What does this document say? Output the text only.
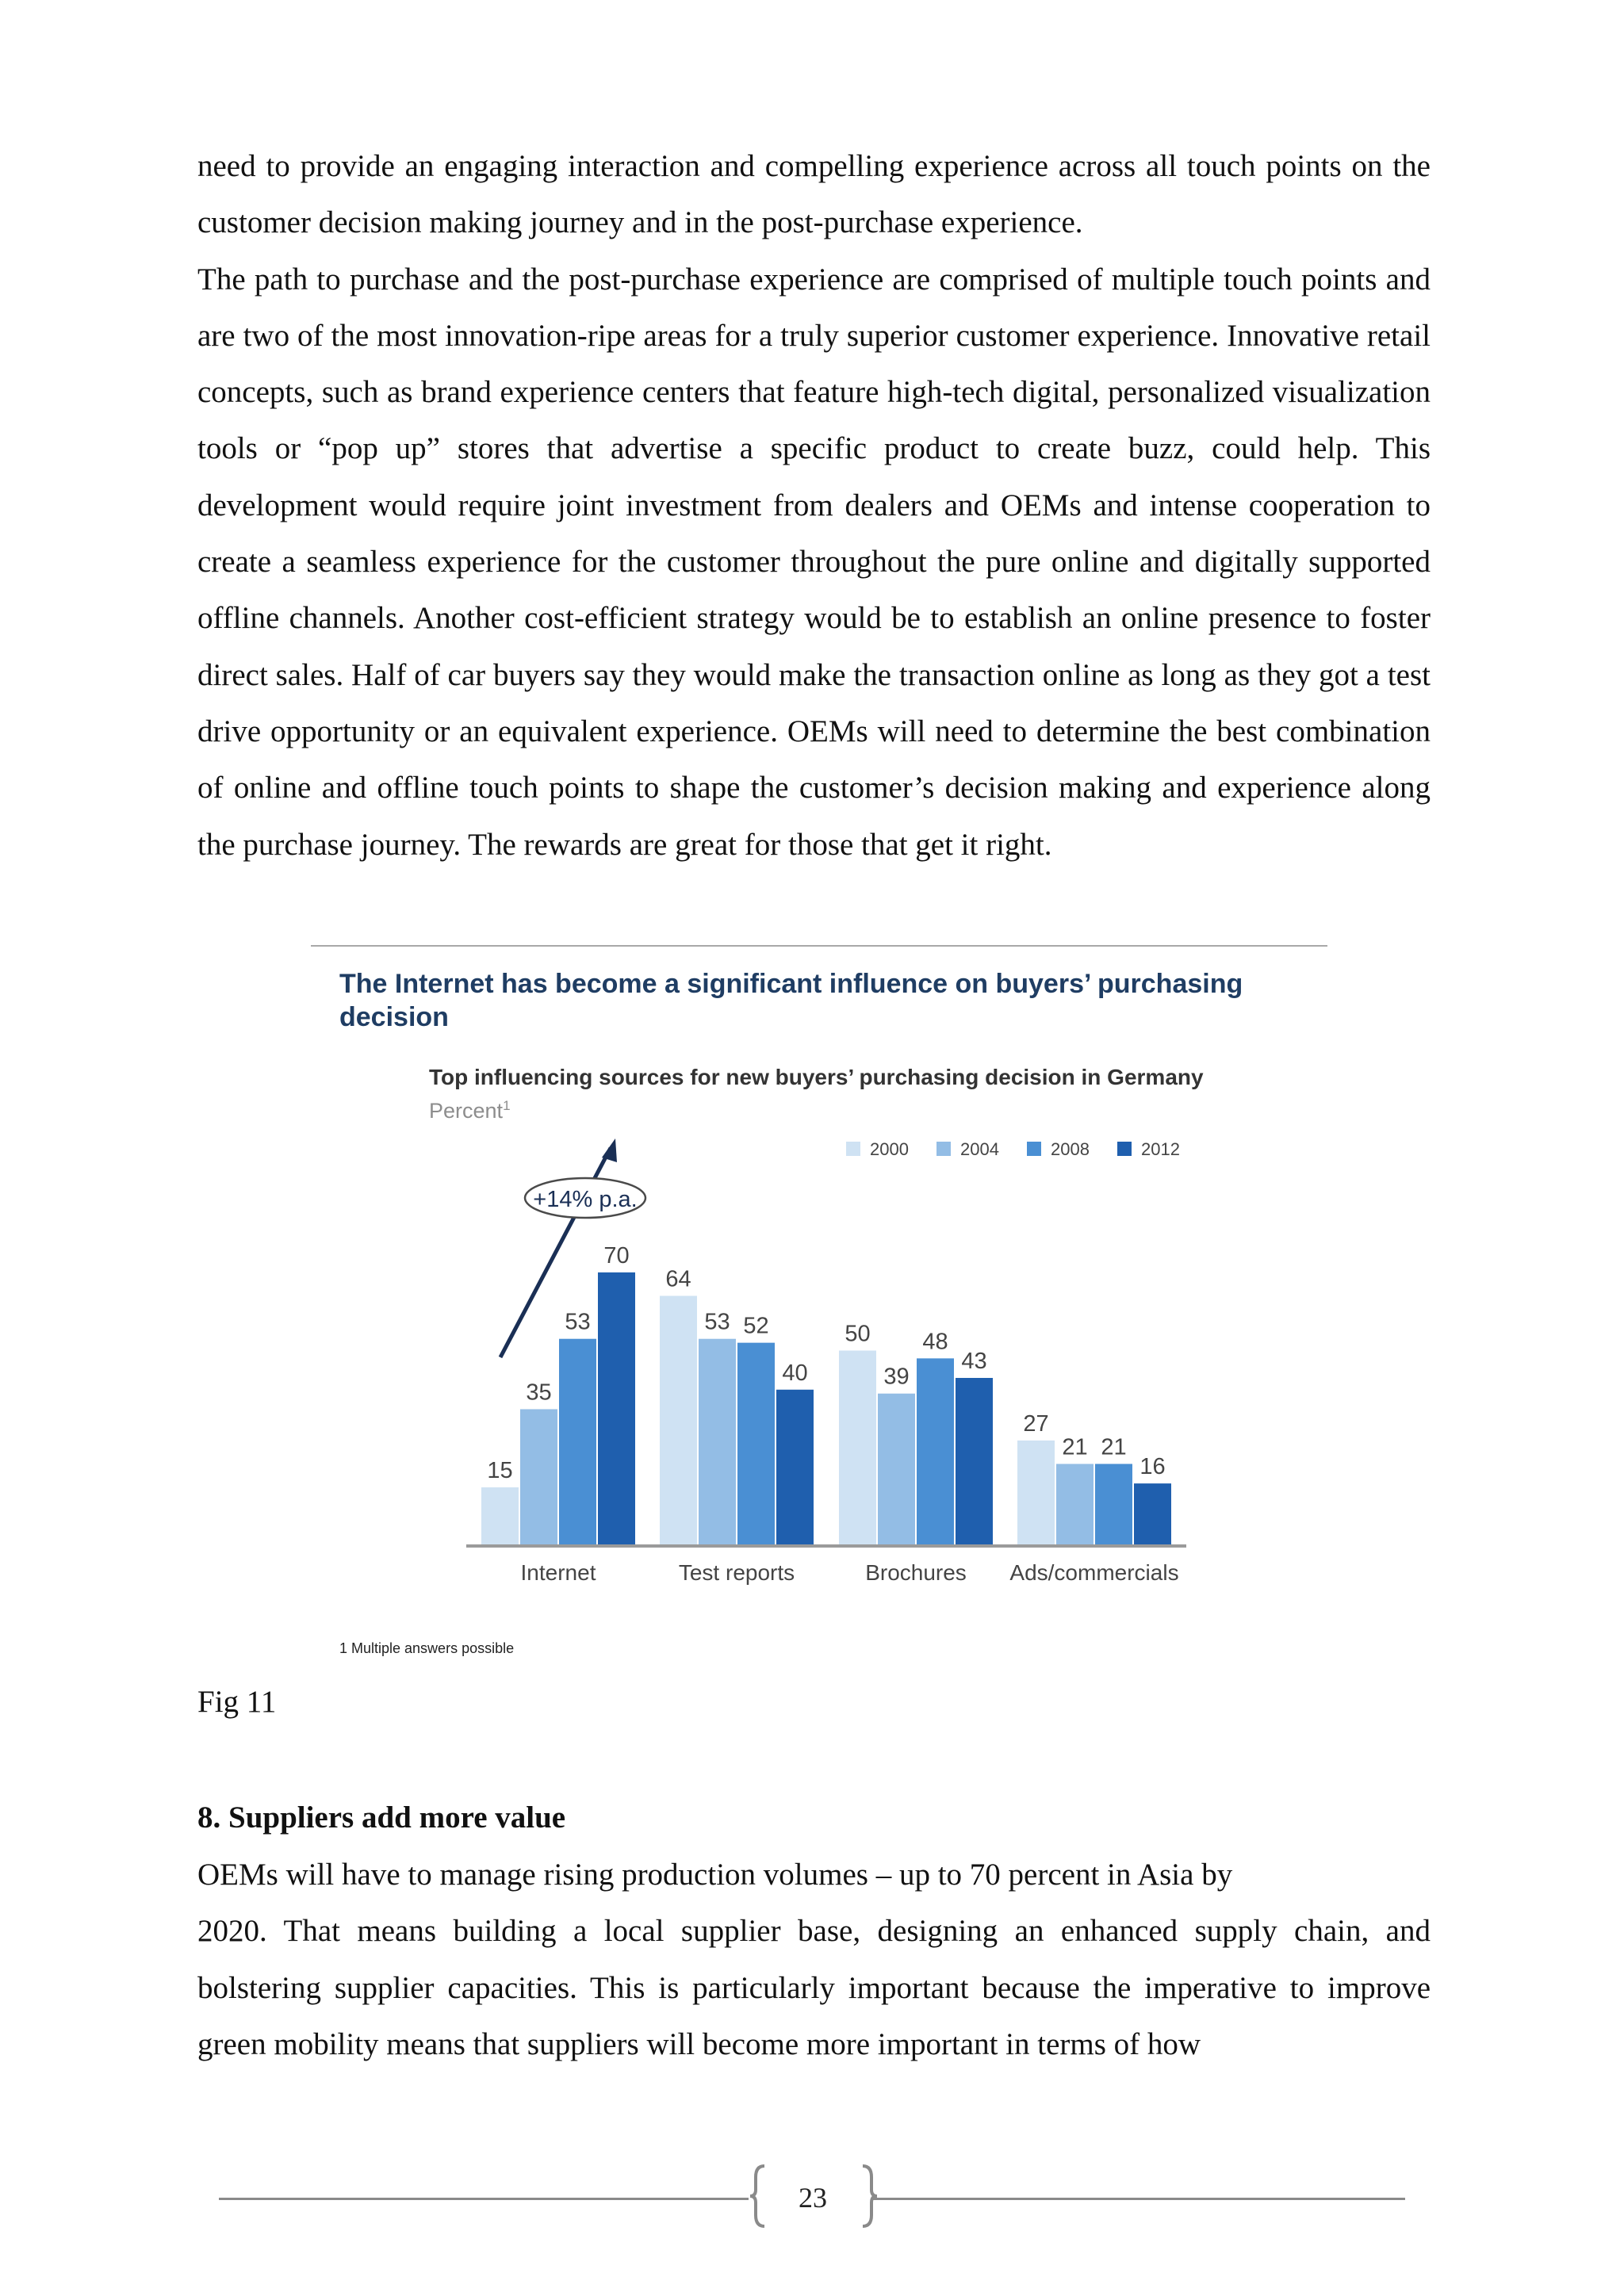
need to provide an engaging interaction and compelling experience across all touch points on the customer decision making journey and in the post-purchase experience.

The path to purchase and the post-purchase experience are comprised of multiple touch points and are two of the most innovation-ripe areas for a truly superior customer experience. Innovative retail concepts, such as brand experience centers that feature high-tech digital, personalized visualization tools or “pop up” stores that advertise a specific product to create buzz, could help. This development would require joint investment from dealers and OEMs and intense cooperation to create a seamless experience for the customer throughout the pure online and digitally supported offline channels. Another cost-efficient strategy would be to establish an online presence to foster direct sales. Half of car buyers say they would make the transaction online as long as they got a test drive opportunity or an equivalent experience. OEMs will need to determine the best combination of online and offline touch points to shape the customer’s decision making and experience along the purchase journey. The rewards are great for those that get it right.

The Internet has become a significant influence on buyers’ purchasing decision
Top influencing sources for new buyers’ purchasing decision in Germany
Percent$^1$
2000	2004	2008	2012
15
35
53
70
64
53 52
40
50
39
48
43
27
21 21
16
Internet	Test reports	Brochures Ads/commercials
+14% p.a.
1 Multiple answers possible
Fig 11
8. Suppliers add more value

OEMs will have to manage rising production volumes – up to 70 percent in Asia by

2020. That means building a local supplier base, designing an enhanced supply chain, and bolstering supplier capacities. This is particularly important because the imperative to improve green mobility means that suppliers will become more important in terms of how

23
